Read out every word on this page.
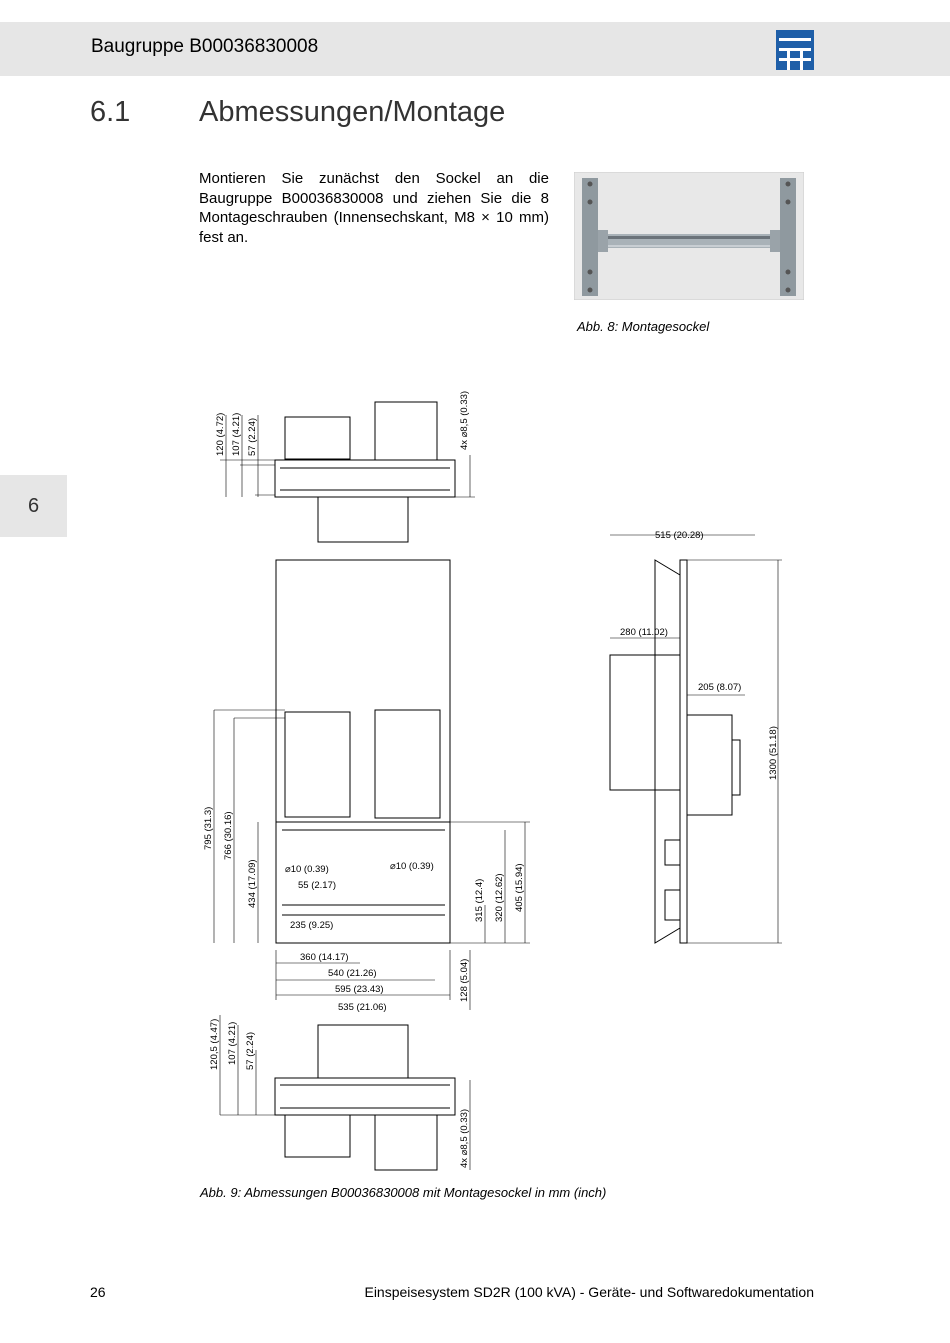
Baugruppe B00036830008
6.1 Abmessungen/Montage
6
Montieren Sie zunächst den Sockel an die Baugruppe B00036830008 und ziehen Sie die 8 Montageschrauben (Innensechskant, M8 × 10 mm) fest an.
Abb. 8: Montagesockel
120 (4.72) 107 (4.21) 57 (2.24)	4x ⌀8,5 (0.33)
515 (20.28)
280 (11.02)
205 (8.07)
1300 (51.18)
795 (31.3) 766 (30.16)
434 (17.09)	⌀10 (0.39)	⌀10 (0.39)
55 (2.17)
235 (9.25)
315 (12.4) 320 (12.62) 405 (15.94)
360 (14.17)
540 (21.26)
595 (23.43)	128 (5.04)
535 (21.06)
120,5 (4.47) 107 (4.21) 57 (2.24)
4x ⌀8,5 (0.33)
Abb. 9: Abmessungen B00036830008 mit Montagesockel in mm (inch)
26	Einspeisesystem SD2R (100 kVA) - Geräte- und Softwaredokumentation
